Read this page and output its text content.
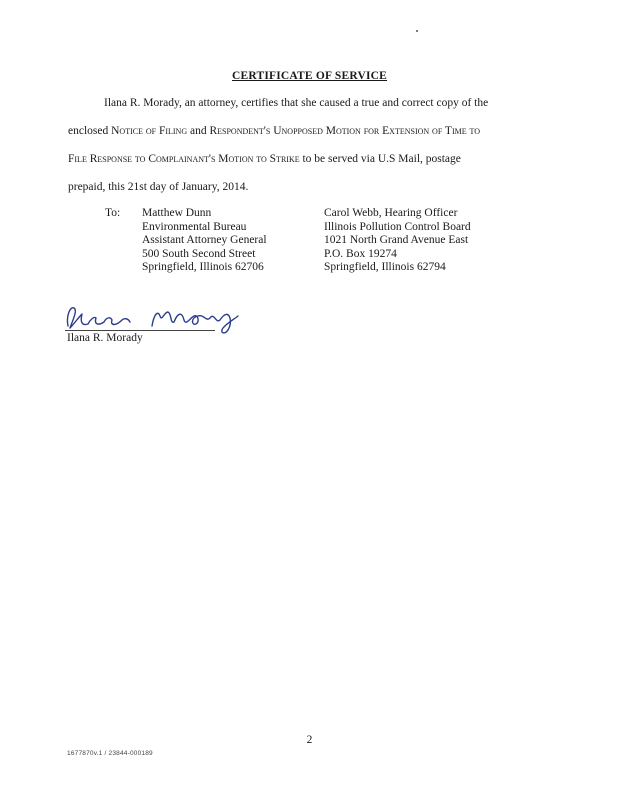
CERTIFICATE OF SERVICE
Ilana R. Morady, an attorney, certifies that she caused a true and correct copy of the
enclosed Notice of Filing and Respondent's Unopposed Motion for Extension of Time to
File Response to Complainant's Motion to Strike to be served via U.S Mail, postage
prepaid, this 21st day of January, 2014.
To: Matthew Dunn
Environmental Bureau
Assistant Attorney General
500 South Second Street
Springfield, Illinois 62706
Carol Webb, Hearing Officer
Illinois Pollution Control Board
1021 North Grand Avenue East
P.O. Box 19274
Springfield, Illinois 62794
Ilana R. Morady
2
1677870v.1 / 23844-000189
